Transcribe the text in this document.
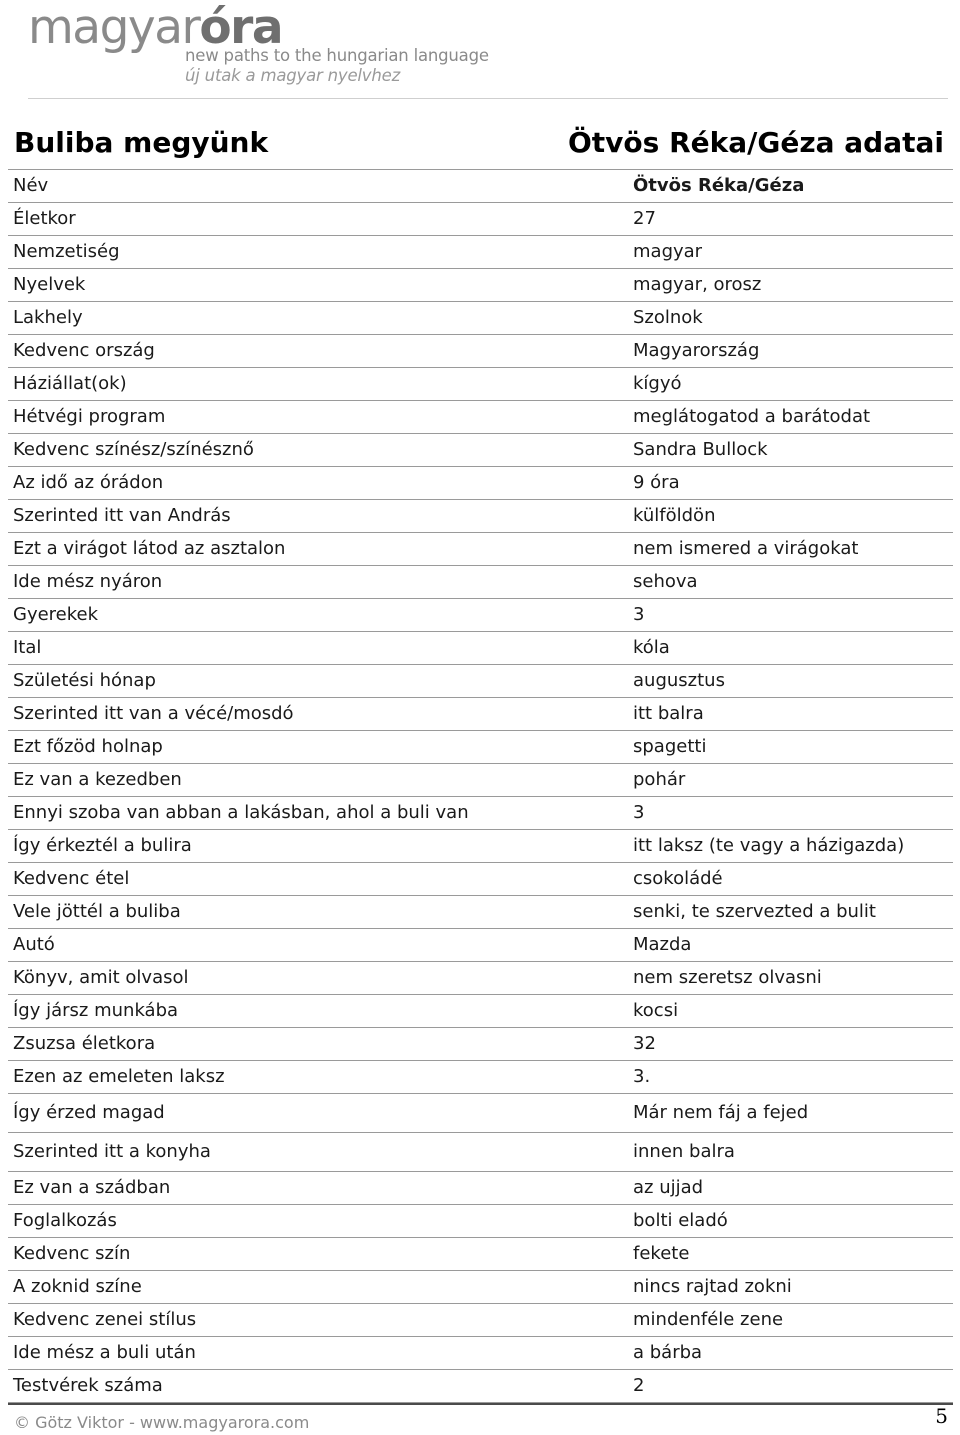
magyaróra
new paths to the hungarian language
új utak a magyar nyelvhez
Buliba megyünk	Ötvös Réka/Géza adatai
Név	Ötvös Réka/Géza
Életkor	27
Nemzetiség	magyar
Nyelvek	magyar, orosz
Lakhely	Szolnok
Kedvenc ország	Magyarország
Háziállat(ok)	kígyó
Hétvégi program	meglátogatod a barátodat
Kedvenc színész/színésznő	Sandra Bullock
Az idő az órádon	9 óra
Szerinted itt van András	külföldön
Ezt a virágot látod az asztalon	nem ismered a virágokat
Ide mész nyáron	sehova
Gyerekek	3
Ital	kóla
Születési hónap	augusztus
Szerinted itt van a vécé/mosdó	itt balra
Ezt főzöd holnap	spagetti
Ez van a kezedben	pohár
Ennyi szoba van abban a lakásban, ahol a buli van	3
Így érkeztél a bulira	itt laksz (te vagy a házigazda)
Kedvenc étel	csokoládé
Vele jöttél a buliba	senki, te szervezted a bulit
Autó	Mazda
Könyv, amit olvasol	nem szeretsz olvasni
Így jársz munkába	kocsi
Zsuzsa életkora	32
Ezen az emeleten laksz	3.
Így érzed magad	Már nem fáj a fejed
Szerinted itt a konyha	innen balra
Ez van a szádban	az ujjad
Foglalkozás	bolti eladó
Kedvenc szín	fekete
A zoknid színe	nincs rajtad zokni
Kedvenc zenei stílus	mindenféle zene
Ide mész a buli után	a bárba
Testvérek száma	2
© Götz Viktor - www.magyarora.com	5
